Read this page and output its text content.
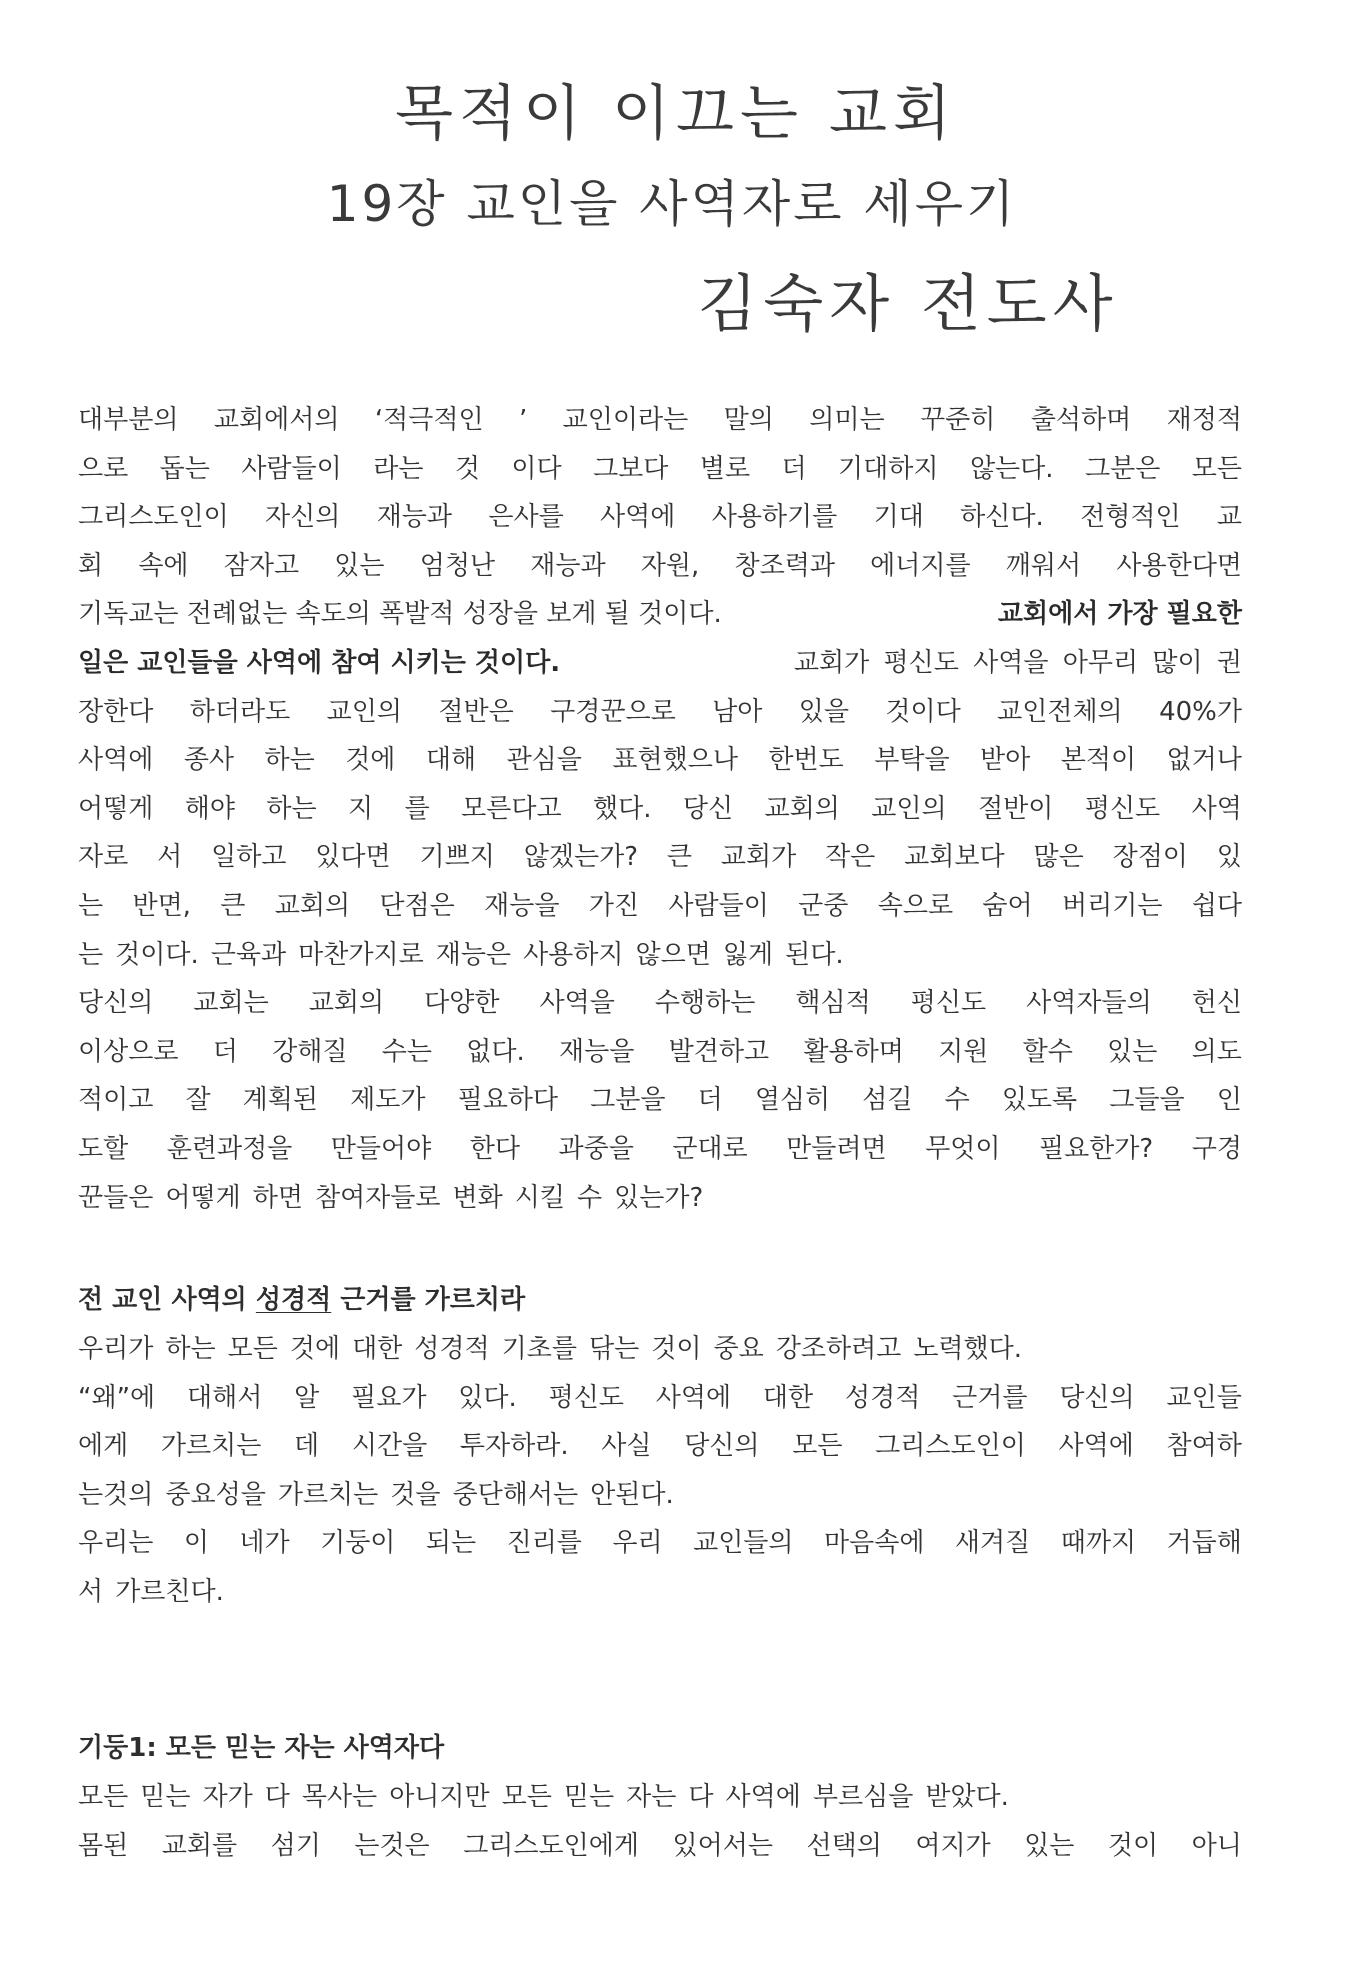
목적이 이끄는 교회
19장 교인을 사역자로 세우기
김숙자 전도사
대부분의 교회에서의 ‘적극적인 ’ 교인이라는 말의 의미는 꾸준히 출석하며 재정적
으로 돕는 사람들이 라는 것 이다 그보다 별로 더 기대하지 않는다. 그분은 모든
그리스도인이 자신의 재능과 은사를 사역에 사용하기를 기대 하신다. 전형적인 교
회 속에 잠자고 있는 엄청난 재능과 자원, 창조력과 에너지를 깨워서 사용한다면
기독교는 전례없는 속도의 폭발적 성장을 보게 될 것이다.	교회에서 가장 필요한
일은 교인들을 사역에 참여 시키는 것이다.	교회가 평신도 사역을 아무리 많이 권
장한다 하더라도 교인의 절반은 구경꾼으로 남아 있을 것이다 교인전체의 40%가
사역에 종사 하는 것에 대해 관심을 표현했으나 한번도 부탁을 받아 본적이 없거나
어떻게 해야 하는 지 를 모른다고 했다. 당신 교회의 교인의 절반이 평신도 사역
자로 서 일하고 있다면 기쁘지 않겠는가? 큰 교회가 작은 교회보다 많은 장점이 있
는 반면, 큰 교회의 단점은 재능을 가진 사람들이 군중 속으로 숨어 버리기는 쉽다
는 것이다. 근육과 마찬가지로 재능은 사용하지 않으면 잃게 된다.
당신의 교회는 교회의 다양한 사역을 수행하는 핵심적 평신도 사역자들의 헌신
이상으로 더 강해질 수는 없다. 재능을 발견하고 활용하며 지원 할수 있는 의도
적이고 잘 계획된 제도가 필요하다 그분을 더 열심히 섬길 수 있도록 그들을 인
도할 훈련과정을 만들어야 한다 과중을 군대로 만들려면 무엇이 필요한가? 구경
꾼들은 어떻게 하면 참여자들로 변화 시킬 수 있는가?
전 교인 사역의 성경적 근거를 가르치라
우리가 하는 모든 것에 대한 성경적 기초를 닦는 것이 중요 강조하려고 노력했다.
“왜”에 대해서 알 필요가 있다. 평신도 사역에 대한 성경적 근거를 당신의 교인들
에게 가르치는 데 시간을 투자하라. 사실 당신의 모든 그리스도인이 사역에 참여하
는것의 중요성을 가르치는 것을 중단해서는 안된다.
우리는 이 네가 기둥이 되는 진리를 우리 교인들의 마음속에 새겨질 때까지 거듭해
서 가르친다.
기둥1: 모든 믿는 자는 사역자다
모든 믿는 자가 다 목사는 아니지만 모든 믿는 자는 다 사역에 부르심을 받았다.
몸된 교회를 섬기 는것은 그리스도인에게 있어서는 선택의 여지가 있는 것이 아니
